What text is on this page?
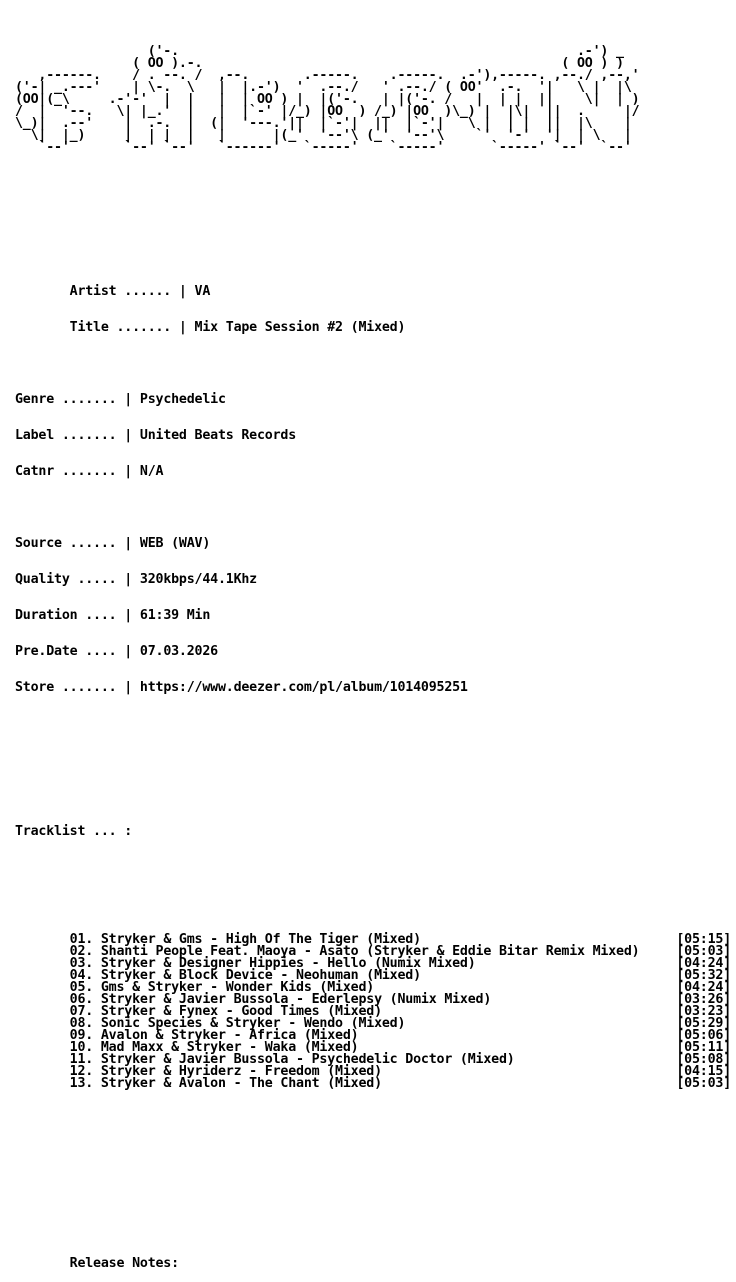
('-.                                                   .-') _
( OO ).-.                                              ( OO ) )
,------.    / . --. /  ,--.       .-----.    .-----.  .-'),-----. ,--./ ,--,'
('-| _.---'    | \-.  \   |  |.-')  '  .--./   ' .--./ ( OO'  .-.  '|   \ |  |\
(OO|(_\     .-'-'  |  |   |  | OO ) |  |('-.   | |('-. /   |  | |  ||    \|  | )
/  |  '--.   \| |_.'  |   |  |`-' |/_) |OO  ) /_) |OO  )\_) |  |\|  ||  .     |/
\_)|  .--'    |  .-.  |  (|  '---.'||  |`-'|  ||  |`-'|   \ |  | |  ||  |\    |
\|  |_)     |  | |  |   |      |(_'  '--'\ (_'  '--'\    `'  '-'  '|  | \   |
`--'       `--' `--'   `------'   `-----'    `-----'      `-----' `--'  `--'

Artist ...... | VA

Title ....... | Mix Tape Session #2 (Mixed)

Genre ....... | Psychedelic

Label ....... | United Beats Records

Catnr ....... | N/A

Source ...... | WEB (WAV)

Quality ..... | 320kbps/44.1Khz

Duration .... | 61:39 Min

Pre.Date .... | 07.03.2026

Store ....... | https://www.deezer.com/pl/album/1014095251

Tracklist ... :

01. Stryker & Gms - High Of The Tiger (Mixed)	[05:15]
02. Shanti People Feat. Maoya - Asato (Stryker & Eddie Bitar Remix Mixed)	[05:03]
03. Stryker & Designer Hippies - Hello (Numix Mixed)	[04:24]
04. Stryker & Block Device - Neohuman (Mixed)	[05:32]
05. Gms & Stryker - Wonder Kids (Mixed)	[04:24]
06. Stryker & Javier Bussola - Ederlepsy (Numix Mixed)	[03:26]
07. Stryker & Fynex - Good Times (Mixed)	[03:23]
08. Sonic Species & Stryker - Wendo (Mixed)	[05:29]
09. Avalon & Stryker - Africa (Mixed)	[05:06]
10. Mad Maxx & Stryker - Waka (Mixed)	[05:11]
11. Stryker & Javier Bussola - Psychedelic Doctor (Mixed)	[05:08]
12. Stryker & Hyriderz - Freedom (Mixed)	[04:15]
13. Stryker & Avalon - The Chant (Mixed)	[05:03]

Release Notes:
